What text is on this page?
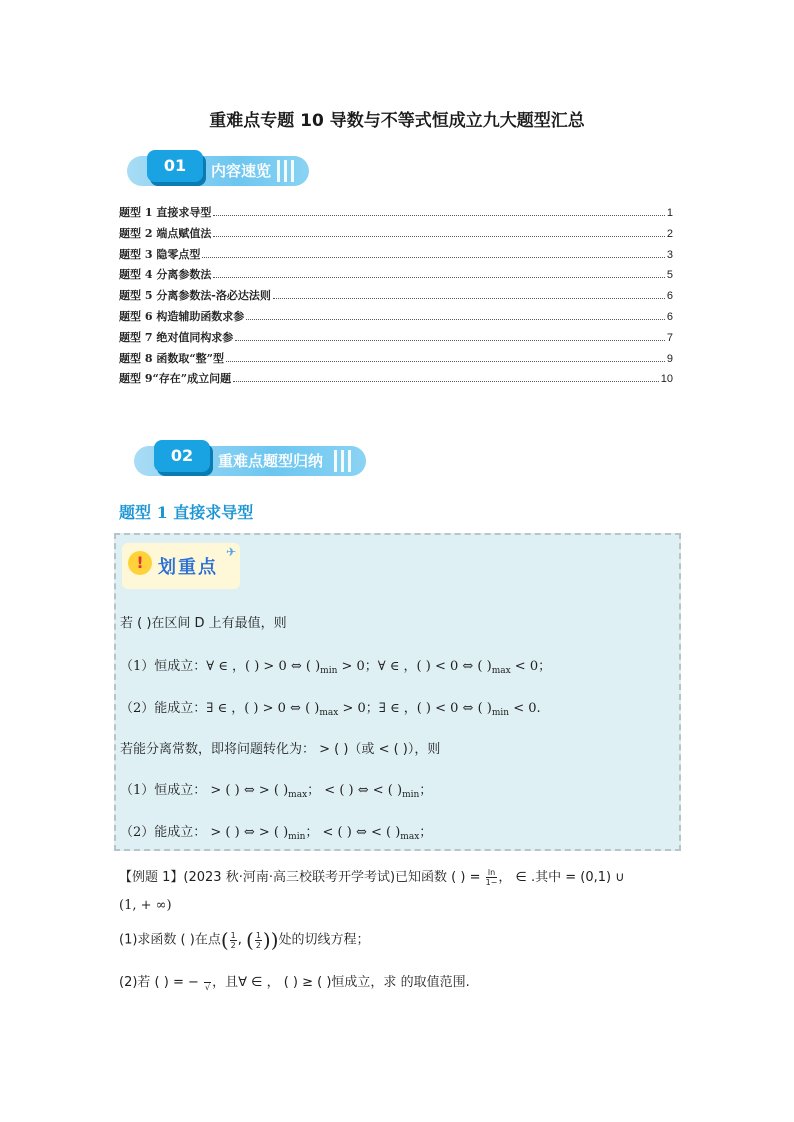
重难点专题 10 导数与不等式恒成立九大题型汇总
01	内容速览
题型 1 直接求导型	1
题型 2 端点赋值法	2
题型 3 隐零点型	3
题型 4 分离参数法	5
题型 5 分离参数法-洛必达法则	6
题型 6 构造辅助函数求参	6
题型 7 绝对值同构求参	7
题型 8 函数取“整”型	9
题型 9“存在”成立问题	10
02	重难点题型归纳
题型 1 直接求导型
! 划重点
✈
若 ( )在区间 D 上有最值，则
（1）恒成立：∀ ∈ ，( ) > 0 ⇔ ( )$_{min} > 0$；∀ ∈ ，( ) < 0 ⇔ ( )$_{max} < 0$；
（2）能成立：∃ ∈ ，( ) > 0 ⇔ ( )$_{max} > 0$；∃ ∈ ，( ) < 0 ⇔ ( )$_{min} < 0$.
若能分离常数，即将问题转化为： > ( )（或 < ( )），则
（1）恒成立： > ( ) ⇔ > ( )$_{max}$； < ( ) ⇔ < ( )$_{min}$；
（2）能成立： > ( ) ⇔ > ( )$_{min}$； < ( ) ⇔ < ( )$_{max}$；
【例题 1】(2023 秋·河南·高三校联考开学考试)已知函数 ( ) = $\frac{\ln}{1-}$ ， ∈ .其中 = (0,1) ∪
(1, + ∞)
(1)求函数 ( )在点( $\frac{1}{2}$ , ( $\frac{1}{2}$ ))处的切线方程；
(2)若 ( ) = −
√ ，且∀ ∈ ， ( ) ≥ ( )恒成立，求 的取值范围.
